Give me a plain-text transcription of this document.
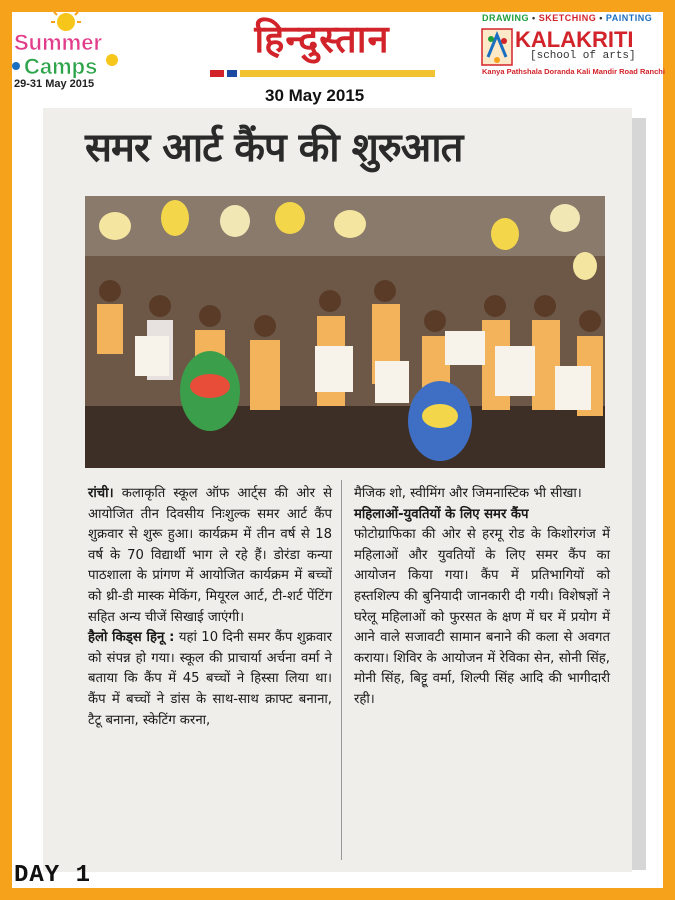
Summer
Camps
29-31 May 2015
हिन्दुस्तान
30 May 2015
DRAWING • SKETCHING • PAINTING
KALAKRITI
[school of arts]
Kanya Pathshala Doranda Kali Mandir Road Ranchi
समर आर्ट कैंप की शुरुआत

रांची। कलाकृति स्कूल ऑफ आर्ट्स की ओर से आयोजित तीन दिवसीय निःशुल्क समर आर्ट कैंप शुक्रवार से शुरू हुआ। कार्यक्रम में तीन वर्ष से 18 वर्ष के 70 विद्यार्थी भाग ले रहे हैं। डोरंडा कन्या पाठशाला के प्रांगण में आयोजित कार्यक्रम में बच्चों को थ्री-डी मास्क मेकिंग, मियूरल आर्ट, टी-शर्ट पेंटिंग सहित अन्य चीजें सिखाई जाएंगी।

हैलो किड्स हिनू : यहां 10 दिनी समर कैंप शुक्रवार को संपन्न हो गया। स्कूल की प्राचार्या अर्चना वर्मा ने बताया कि कैंप में 45 बच्चों ने हिस्सा लिया था। कैंप में बच्चों ने डांस के साथ-साथ क्राफ्ट बनाना, टैटू बनाना, स्केटिंग करना,

मैजिक शो, स्वीमिंग और जिमनास्टिक भी सीखा।

महिलाओं-युवतियों के लिए समर कैंप

फोटोग्राफिका की ओर से हरमू रोड के किशोरगंज में महिलाओं और युवतियों के लिए समर कैंप का आयोजन किया गया। कैंप में प्रतिभागियों को हस्तशिल्प की बुनियादी जानकारी दी गयी। विशेषज्ञों ने घरेलू महिलाओं को फुरसत के क्षण में घर में प्रयोग में आने वाले सजावटी सामान बनाने की कला से अवगत कराया। शिविर के आयोजन में रेविका सेन, सोनी सिंह, मोनी सिंह, बिट्टू वर्मा, शिल्पी सिंह आदि की भागीदारी रही।

DAY 1
